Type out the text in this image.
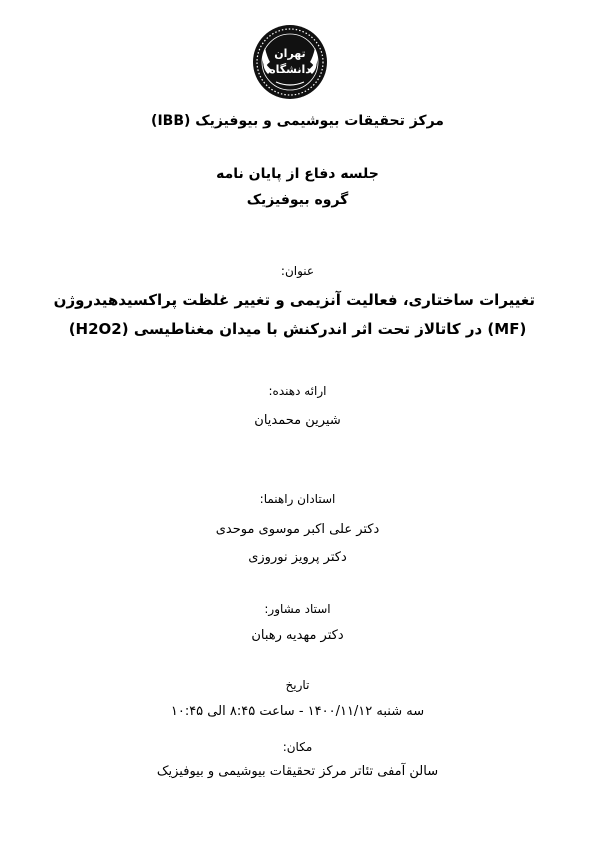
تهران
دانشگاه
مرکز تحقیقات بیوشیمی و بیوفیزیک (IBB)
جلسه دفاع از پایان نامه
گروه بیوفیزیک
عنوان:
تغییرات ساختاری، فعالیت آنزیمی و تغییر غلظت پراکسیدهیدروژن
(H2O2) در کاتالاز تحت اثر اندرکنش با میدان مغناطیسی (MF)
ارائه دهنده:
شیرین محمدیان
استادان راهنما:
دکتر علی اکبر موسوی موحدی
دکتر پرویز نوروزی
استاد مشاور:
دکتر مهدیه رهبان
تاریخ
سه شنبه ۱۴۰۰/۱۱/۱۲ - ساعت ۸:۴۵ الی ۱۰:۴۵
مکان:
سالن آمفی تئاتر مرکز تحقیقات بیوشیمی و بیوفیزیک
